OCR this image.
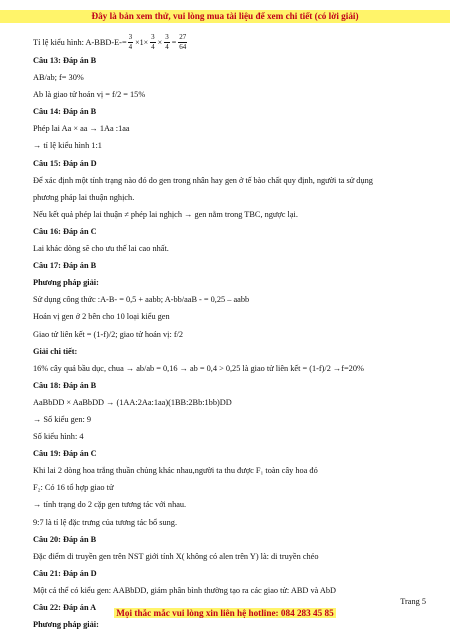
Đây là bản xem thử, vui lòng mua tài liệu để xem chi tiết (có lời giải)
Tỉ lệ kiểu hình: $A-BBD-E-= \frac{3}{4} \times 1\times \frac{3}{4} \times \frac{3}{4} = \frac{27}{64}$
Câu 13: Đáp án B
AB/ab; f= 30%
Ab là giao tử hoán vị = f/2 = 15%
Câu 14: Đáp án B
Phép lai Aa × aa → 1Aa :1aa
→ tỉ lệ kiểu hình 1:1
Câu 15: Đáp án D
Để xác định một tính trạng nào đó do gen trong nhân hay gen ở tế bào chất quy định, người ta sử dụng
phương pháp lai thuận nghịch.
Nếu kết quả phép lai thuận ≠ phép lai nghịch → gen nằm trong TBC, ngược lại.
Câu 16: Đáp án C
Lai khác dòng sẽ cho ưu thế lai cao nhất.
Câu 17: Đáp án B
Phương pháp giải:
Sử dụng công thức :A-B- = 0,5 + aabb; A-bb/aaB - = 0,25 – aabb
Hoán vị gen ở 2 bên cho 10 loại kiểu gen
Giao tử liên kết = (1-f)/2; giao tử hoán vị: f/2
Giải chi tiết:
16% cây quả bầu dục, chua → ab/ab = 0,16 → ab = 0,4 > 0,25 là giao tử liên kết = (1-f)/2 →f=20%
Câu 18: Đáp án B
AaBbDD × AaBbDD → (1AA:2Aa:1aa)(1BB:2Bb:1bb)DD
→ Số kiểu gen: 9
Số kiểu hình: 4
Câu 19: Đáp án C
Khi lai 2 dòng hoa trắng thuần chủng khác nhau,người ta thu được F₁ toàn cây hoa đỏ
F₂: Có 16 tổ hợp giao tử
→ tính trạng do 2 cặp gen tương tác với nhau.
9:7 là tỉ lệ đặc trưng của tương tác bổ sung.
Câu 20: Đáp án B
Đặc điểm di truyền gen trên NST giới tính X( không có alen trên Y) là: di truyền chéo
Câu 21: Đáp án D
Một cá thể có kiểu gen: AABbDD, giảm phân bình thường tạo ra các giao tử: ABD và AbD
Câu 22: Đáp án A
Phương pháp giải:
Trang 5
Mọi thắc mắc vui lòng xin liên hệ hotline: 084 283 45 85
